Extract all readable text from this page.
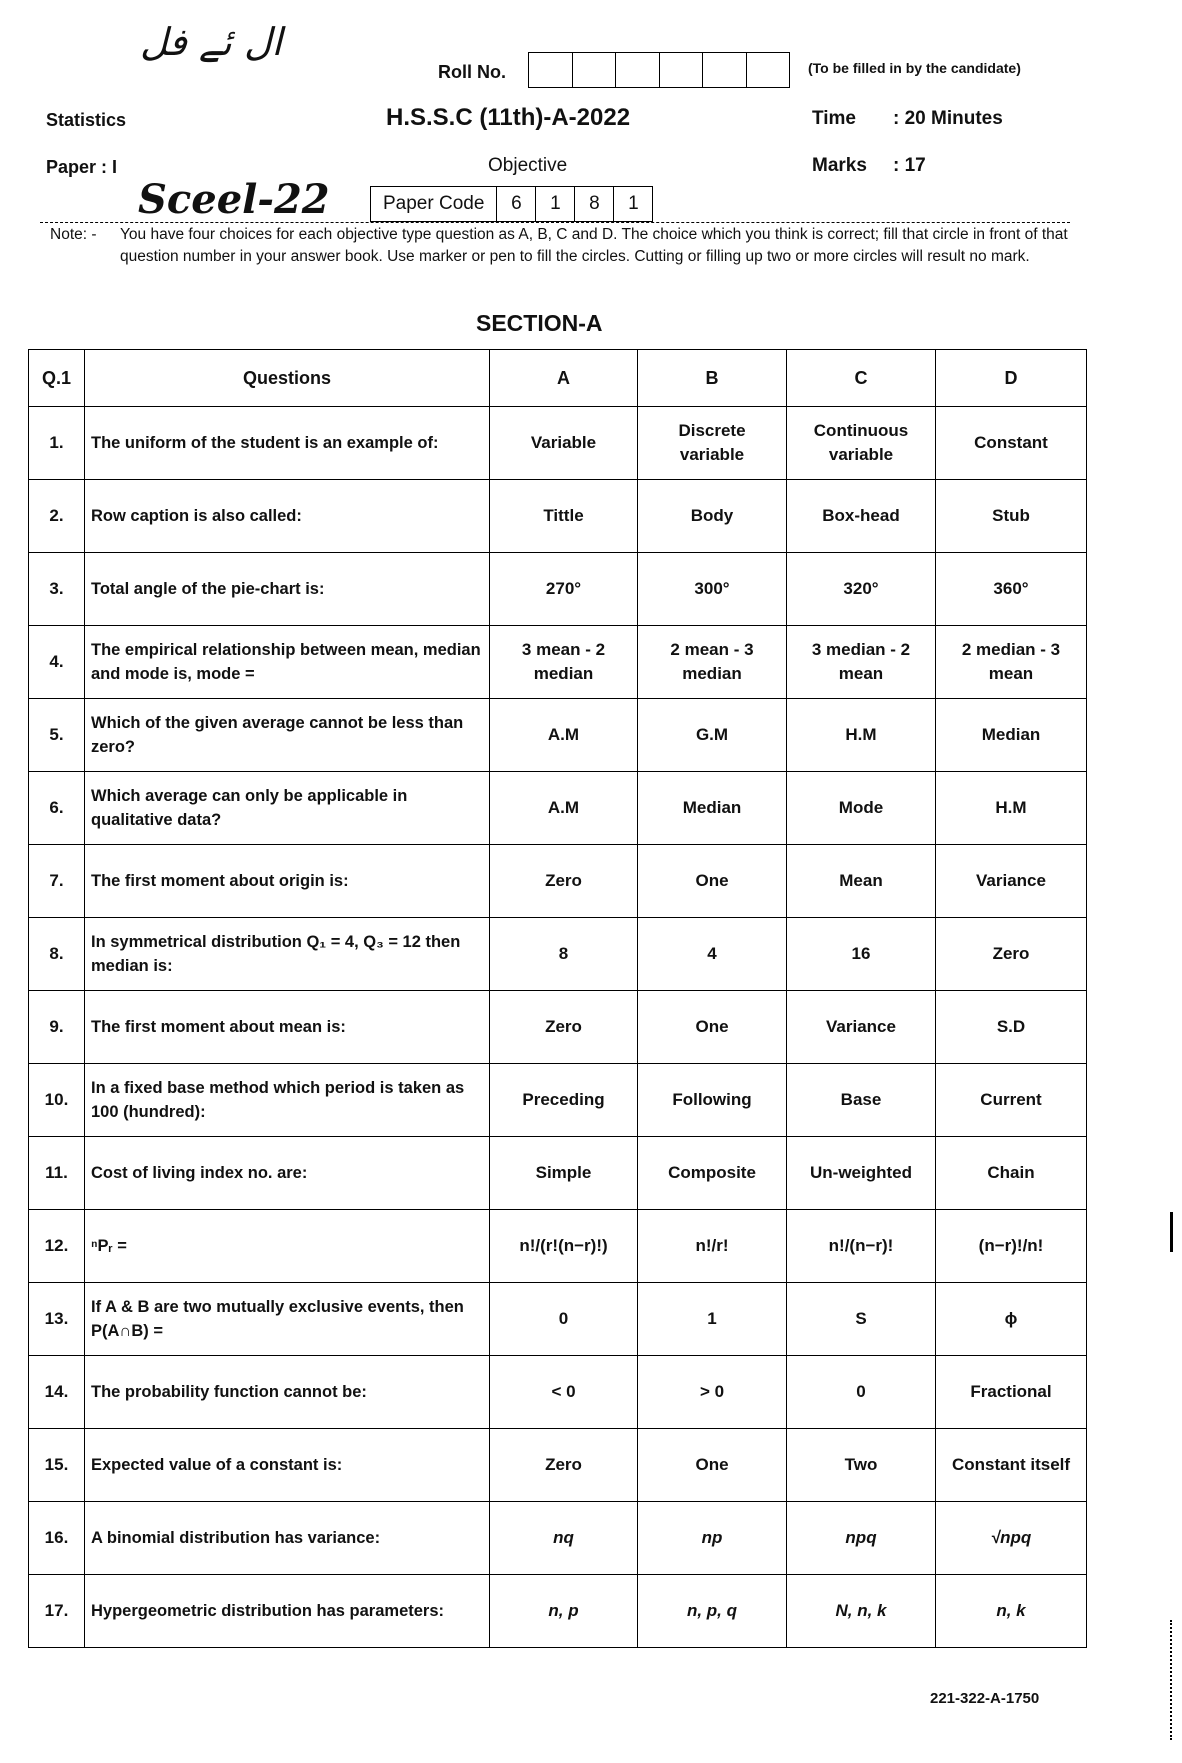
ال ئے فل
Roll No.	(To be filled in by the candidate)
Statistics	H.S.S.C (11th)-A-2022	Time : 20 Minutes
Paper : I	Objective	Marks : 17
Sceel-22	Paper Code	6	1	8	1
Note: - You have four choices for each objective type question as A, B, C and D. The choice which you think is correct; fill that circle in front of that question number in your answer book. Use marker or pen to fill the circles. Cutting or filling up two or more circles will result no mark.
SECTION-A
Q.1	Questions	A	B	C	D
1.	The uniform of the student is an example of:	Variable	Discrete variable	Continuous variable	Constant
2.	Row caption is also called:	Tittle	Body	Box-head	Stub
3.	Total angle of the pie-chart is:	270°	300°	320°	360°
4.	The empirical relationship between mean, median and mode is, mode =	3 mean - 2 median	2 mean - 3 median	3 median - 2 mean	2 median - 3 mean
5.	Which of the given average cannot be less than zero?	A.M	G.M	H.M	Median
6.	Which average can only be applicable in qualitative data?	A.M	Median	Mode	H.M
7.	The first moment about origin is:	Zero	One	Mean	Variance
8.	In symmetrical distribution Q₁ = 4, Q₃ = 12 then median is:	8	4	16	Zero
9.	The first moment about mean is:	Zero	One	Variance	S.D
10.	In a fixed base method which period is taken as 100 (hundred):	Preceding	Following	Base	Current
11.	Cost of living index no. are:	Simple	Composite	Un-weighted	Chain
12.	ⁿPᵣ =	n!/(r!(n−r)!)	n!/r!	n!/(n−r)!	(n−r)!/n!
13.	If A & B are two mutually exclusive events, then P(A∩B) =	0	1	S	ϕ
14.	The probability function cannot be:	< 0	> 0	0	Fractional
15.	Expected value of a constant is:	Zero	One	Two	Constant itself
16.	A binomial distribution has variance:	nq	np	npq	√npq
17.	Hypergeometric distribution has parameters:	n, p	n, p, q	N, n, k	n, k
221-322-A-1750
